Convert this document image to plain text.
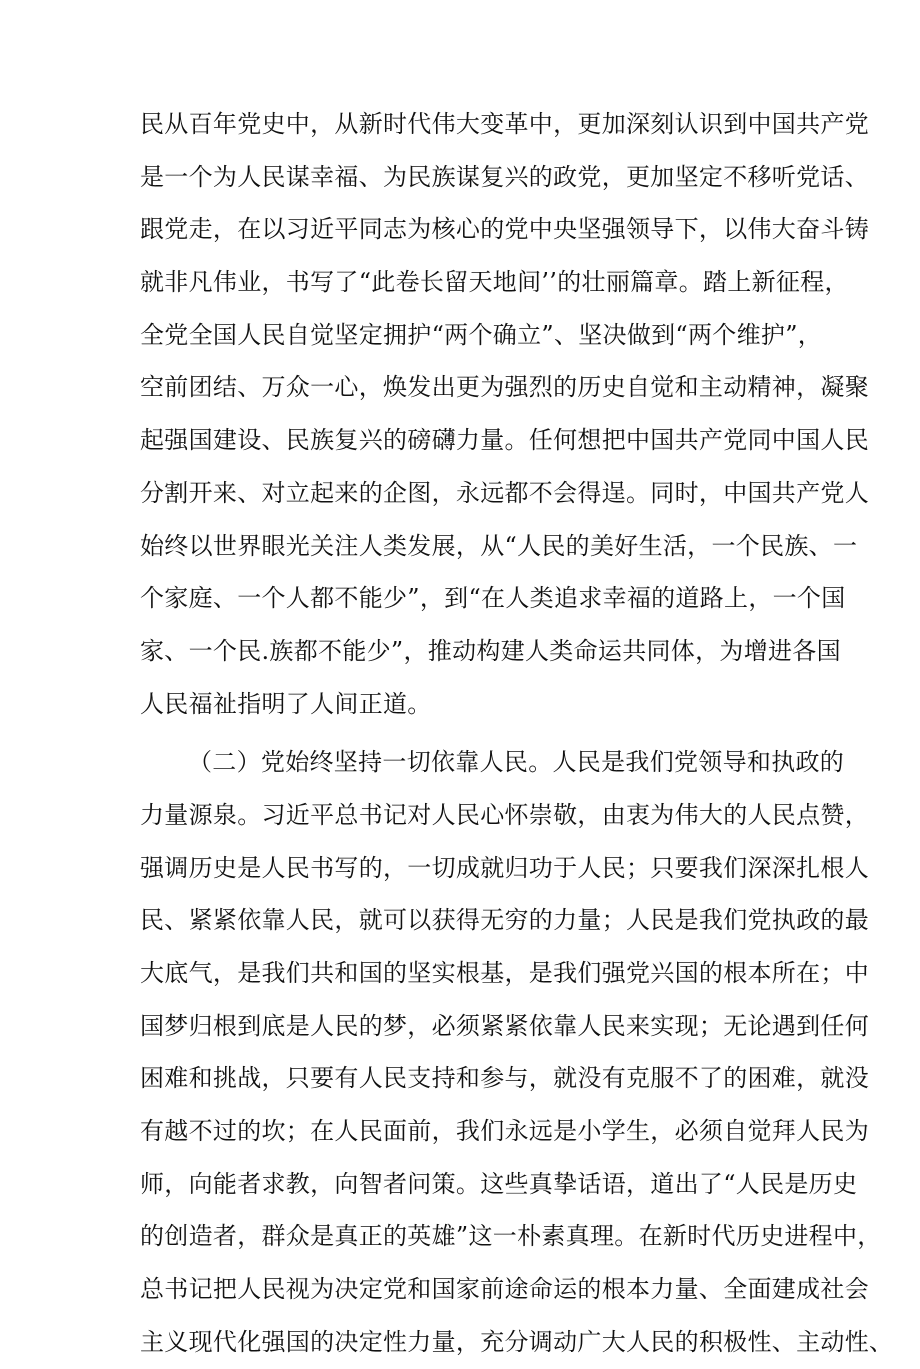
民从百年党史中，从新时代伟大变革中，更加深刻认识到中国共产党
是一个为人民谋幸福、为民族谋复兴的政党，更加坚定不移听党话、
跟党走，在以习近平同志为核心的党中央坚强领导下，以伟大奋斗铸
就非凡伟业，书写了“此卷长留天地间’’的壮丽篇章。踏上新征程，
全党全国人民自觉坚定拥护“两个确立”、坚决做到“两个维护”，
空前团结、万众一心，焕发出更为强烈的历史自觉和主动精神，凝聚
起强国建设、民族复兴的磅礴力量。任何想把中国共产党同中国人民
分割开来、对立起来的企图，永远都不会得逞。同时，中国共产党人
始终以世界眼光关注人类发展，从“人民的美好生活，一个民族、一
个家庭、一个人都不能少”，到“在人类追求幸福的道路上，一个国
家、一个民.族都不能少”，推动构建人类命运共同体，为增进各国
人民福祉指明了人间正道。
（二）党始终坚持一切依靠人民。人民是我们党领导和执政的
力量源泉。习近平总书记对人民心怀崇敬，由衷为伟大的人民点赞，
强调历史是人民书写的，一切成就归功于人民；只要我们深深扎根人
民、紧紧依靠人民，就可以获得无穷的力量；人民是我们党执政的最
大底气，是我们共和国的坚实根基，是我们强党兴国的根本所在；中
国梦归根到底是人民的梦，必须紧紧依靠人民来实现；无论遇到任何
困难和挑战，只要有人民支持和参与，就没有克服不了的困难，就没
有越不过的坎；在人民面前，我们永远是小学生，必须自觉拜人民为
师，向能者求教，向智者问策。这些真挚话语，道出了“人民是历史
的创造者，群众是真正的英雄”这一朴素真理。在新时代历史进程中，
总书记把人民视为决定党和国家前途命运的根本力量、全面建成社会
主义现代化强国的决定性力量，充分调动广大人民的积极性、主动性、
